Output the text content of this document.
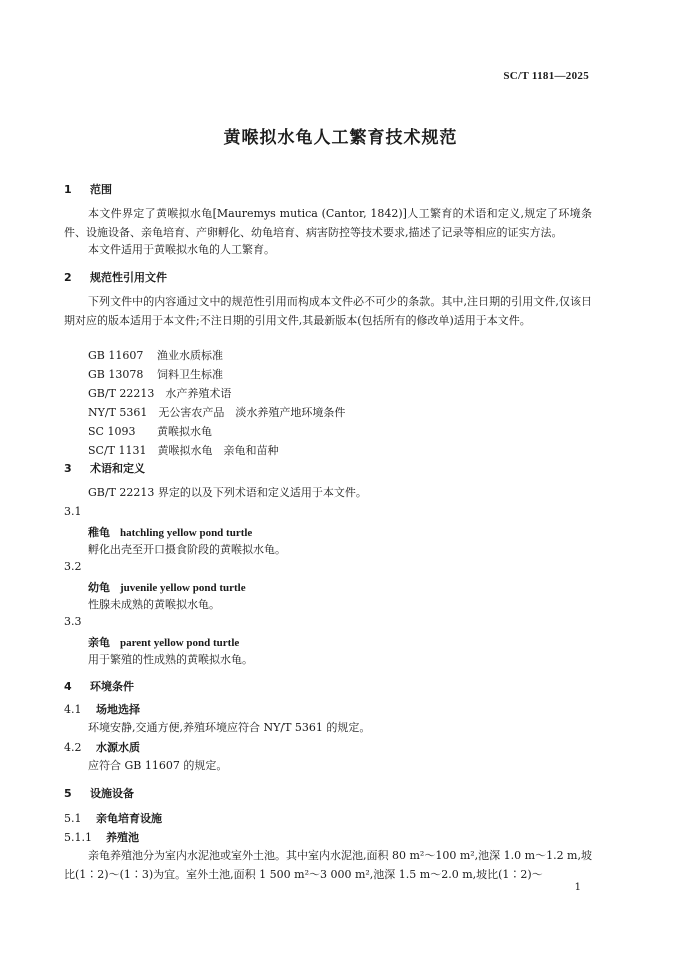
SC/T 1181—2025
黄喉拟水龟人工繁育技术规范
1 范围
本文件界定了黄喉拟水龟[Mauremys mutica (Cantor, 1842)]人工繁育的术语和定义,规定了环境条件、设施设备、亲龟培育、产卵孵化、幼龟培育、病害防控等技术要求,描述了记录等相应的证实方法。
本文件适用于黄喉拟水龟的人工繁育。
2 规范性引用文件
下列文件中的内容通过文中的规范性引用而构成本文件必不可少的条款。其中,注日期的引用文件,仅该日期对应的版本适用于本文件;不注日期的引用文件,其最新版本(包括所有的修改单)适用于本文件。
GB 11607　 渔业水质标准
GB 13078　 饲料卫生标准
GB/T 22213　 水产养殖术语
NY/T 5361　 无公害农产品　淡水养殖产地环境条件
SC 1093　 黄喉拟水龟
SC/T 1131　 黄喉拟水龟　亲龟和苗种
3 术语和定义
GB/T 22213 界定的以及下列术语和定义适用于本文件。
3.1
稚龟 hatchling yellow pond turtle
孵化出壳至开口摄食阶段的黄喉拟水龟。
3.2
幼龟 juvenile yellow pond turtle
性腺未成熟的黄喉拟水龟。
3.3
亲龟 parent yellow pond turtle
用于繁殖的性成熟的黄喉拟水龟。
4 环境条件
4.1 场地选择
环境安静,交通方便,养殖环境应符合 NY/T 5361 的规定。
4.2 水源水质
应符合 GB 11607 的规定。
5 设施设备
5.1 亲龟培育设施
5.1.1 养殖池
亲龟养殖池分为室内水泥池或室外土池。其中室内水泥池,面积 80 m²～100 m²,池深 1.0 m～1.2 m,坡比(1∶2)～(1∶3)为宜。室外土池,面积 1 500 m²～3 000 m²,池深 1.5 m～2.0 m,坡比(1∶2)～
1
